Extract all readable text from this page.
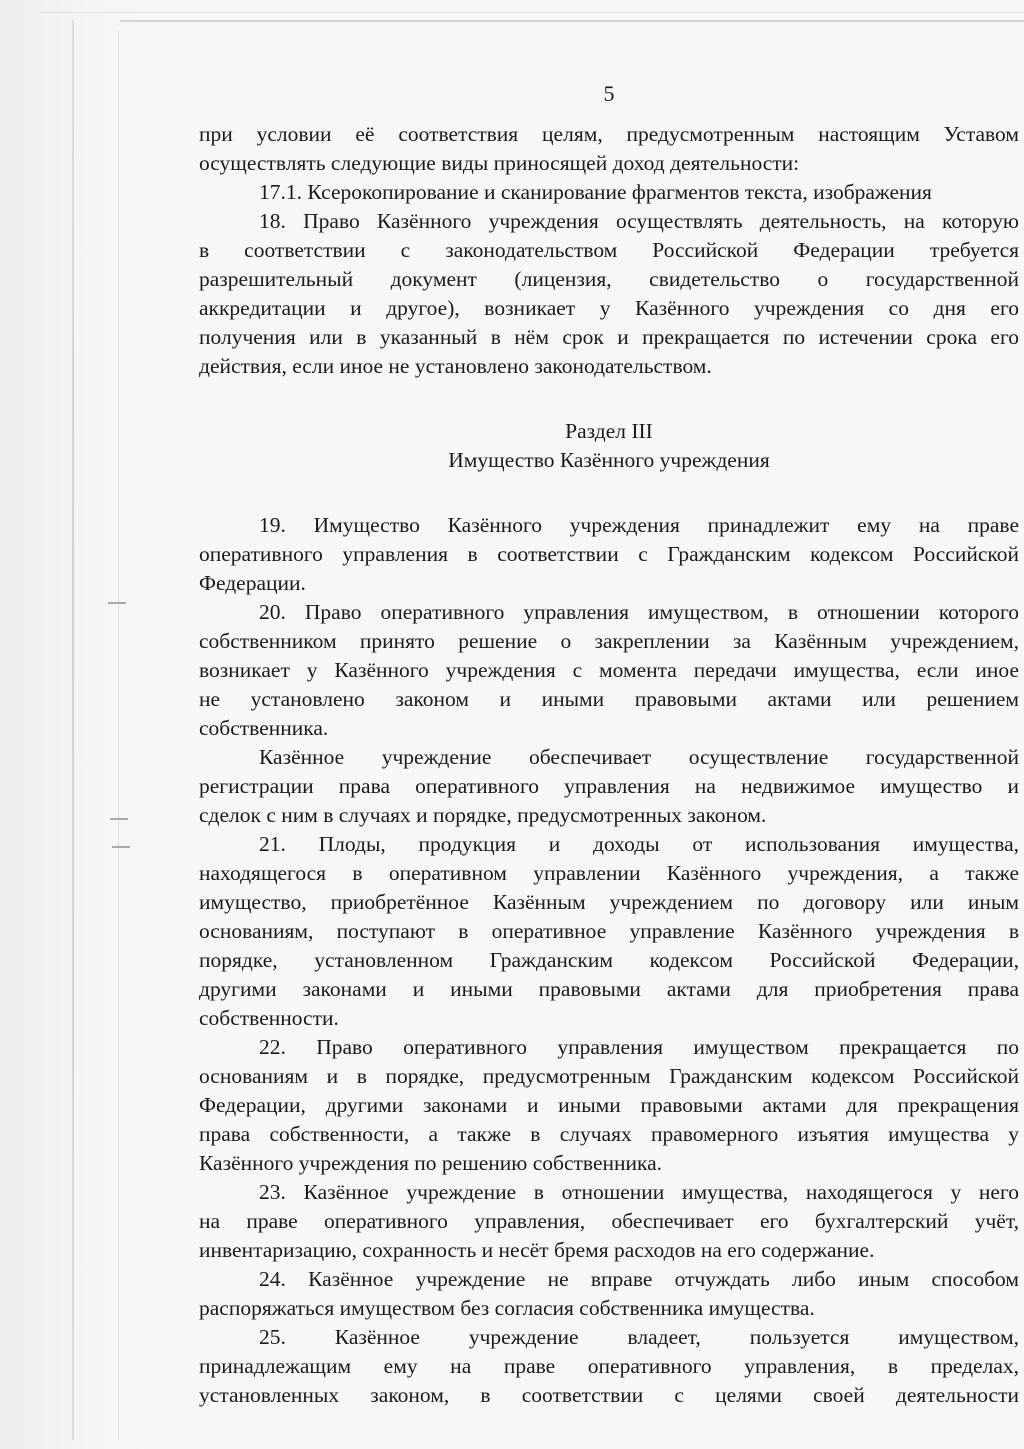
5
при условии её соответствия целям, предусмотренным настоящим Уставом
осуществлять следующие виды приносящей доход деятельности:
17.1. Ксерокопирование и сканирование фрагментов текста, изображения
18. Право Казённого учреждения осуществлять деятельность, на которую
в соответствии с законодательством Российской Федерации требуется
разрешительный документ (лицензия, свидетельство о государственной
аккредитации и другое), возникает у Казённого учреждения со дня его
получения или в указанный в нём срок и прекращается по истечении срока его
действия, если иное не установлено законодательством.
Раздел III
Имущество Казённого учреждения
19. Имущество Казённого учреждения принадлежит ему на праве
оперативного управления в соответствии с Гражданским кодексом Российской
Федерации.
20. Право оперативного управления имуществом, в отношении которого
собственником принято решение о закреплении за Казённым учреждением,
возникает у Казённого учреждения с момента передачи имущества, если иное
не установлено законом и иными правовыми актами или решением
собственника.
Казённое учреждение обеспечивает осуществление государственной
регистрации права оперативного управления на недвижимое имущество и
сделок с ним в случаях и порядке, предусмотренных законом.
21. Плоды, продукция и доходы от использования имущества,
находящегося в оперативном управлении Казённого учреждения, а также
имущество, приобретённое Казённым учреждением по договору или иным
основаниям, поступают в оперативное управление Казённого учреждения в
порядке, установленном Гражданским кодексом Российской Федерации,
другими законами и иными правовыми актами для приобретения права
собственности.
22. Право оперативного управления имуществом прекращается по
основаниям и в порядке, предусмотренным Гражданским кодексом Российской
Федерации, другими законами и иными правовыми актами для прекращения
права собственности, а также в случаях правомерного изъятия имущества у
Казённого учреждения по решению собственника.
23. Казённое учреждение в отношении имущества, находящегося у него
на праве оперативного управления, обеспечивает его бухгалтерский учёт,
инвентаризацию, сохранность и несёт бремя расходов на его содержание.
24. Казённое учреждение не вправе отчуждать либо иным способом
распоряжаться имуществом без согласия собственника имущества.
25. Казённое учреждение владеет, пользуется имуществом,
принадлежащим ему на праве оперативного управления, в пределах,
установленных законом, в соответствии с целями своей деятельности
